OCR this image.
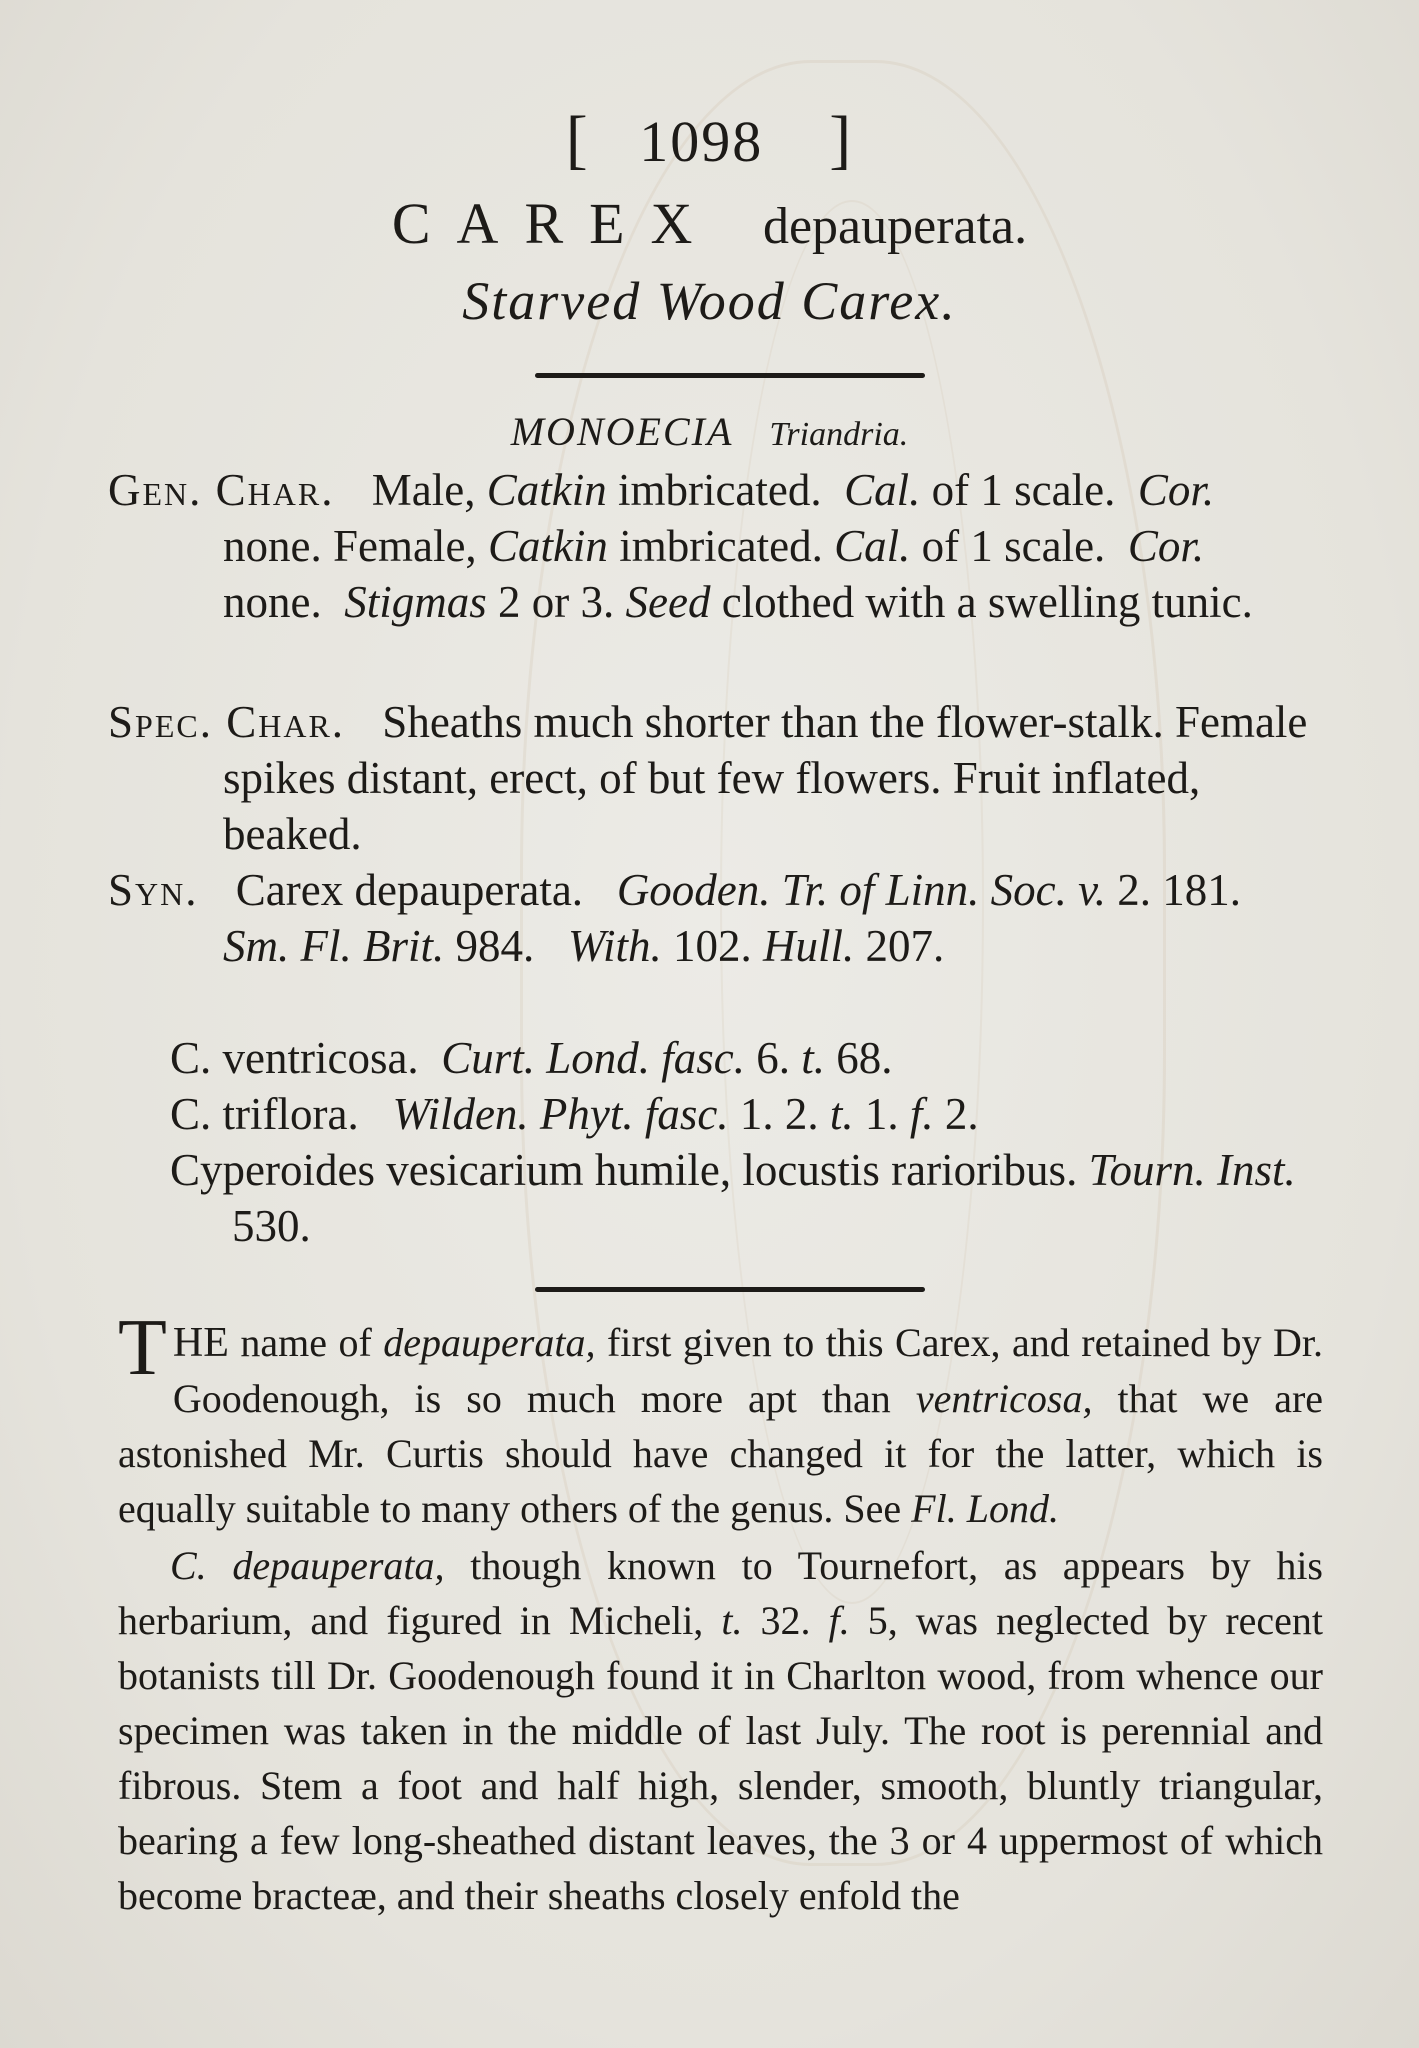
[ 1098 ]
CAREX depauperata.
Starved Wood Carex.
MONOECIA Triandria.

Gen. Char. Male, Catkin imbricated. Cal. of 1 scale. Cor. none. Female, Catkin imbricated. Cal. of 1 scale. Cor. none. Stigmas 2 or 3. Seed clothed with a swelling tunic.

Spec. Char. Sheaths much shorter than the flower-stalk. Female spikes distant, erect, of but few flowers. Fruit inflated, beaked.

Syn. Carex depauperata. Gooden. Tr. of Linn. Soc. v. 2. 181.   Sm. Fl. Brit. 984. With. 102. Hull. 207.

C. ventricosa. Curt. Lond. fasc. 6. t. 68.

C. triflora. Wilden. Phyt. fasc. 1. 2. t. 1. f. 2.

Cyperoides vesicarium humile, locustis rarioribus. Tourn. Inst. 530.

THE name of depauperata, first given to this Carex, and retained by Dr. Goodenough, is so much more apt than ventricosa, that we are astonished Mr. Curtis should have changed it for the latter, which is equally suitable to many others of the genus. See Fl. Lond.

C. depauperata, though known to Tournefort, as appears by his herbarium, and figured in Micheli, t. 32. f. 5, was neglected by recent botanists till Dr. Goodenough found it in Charlton wood, from whence our specimen was taken in the middle of last July. The root is perennial and fibrous. Stem a foot and half high, slender, smooth, bluntly triangular, bearing a few long-sheathed distant leaves, the 3 or 4 uppermost of which become bracteæ, and their sheaths closely enfold the
